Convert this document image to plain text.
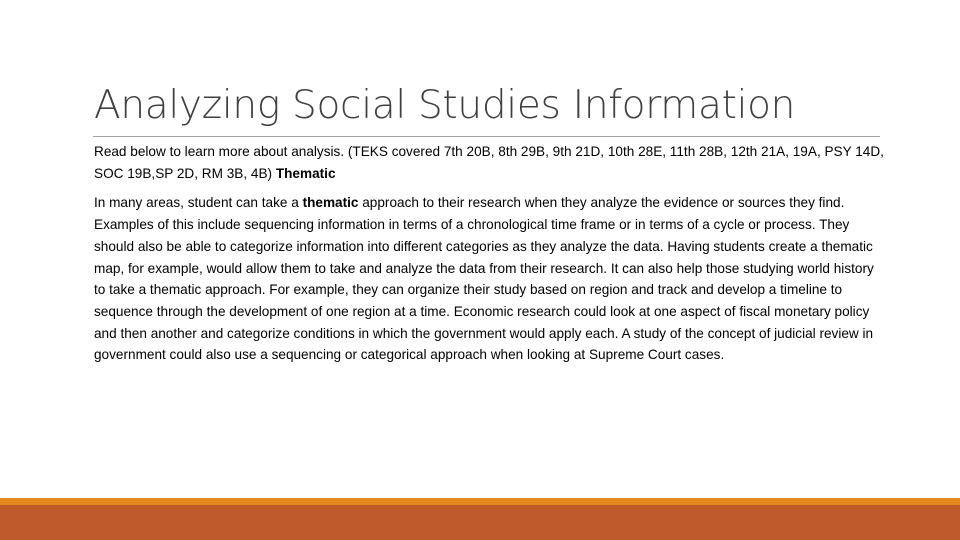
Analyzing Social Studies Information

Read below to learn more about analysis. (TEKS covered 7th 20B, 8th 29B, 9th 21D, 10th 28E, 11th 28B, 12th 21A, 19A, PSY 14D, SOC 19B,SP 2D, RM 3B, 4B) Thematic

In many areas, student can take a thematic approach to their research when they analyze the evidence or sources they find. Examples of this include sequencing information in terms of a chronological time frame or in terms of a cycle or process. They should also be able to categorize information into different categories as they analyze the data. Having students create a thematic map, for example, would allow them to take and analyze the data from their research. It can also help those studying world history to take a thematic approach. For example, they can organize their study based on region and track and develop a timeline to sequence through the development of one region at a time. Economic research could look at one aspect of fiscal monetary policy and then another and categorize conditions in which the government would apply each. A study of the concept of judicial review in government could also use a sequencing or categorical approach when looking at Supreme Court cases.
